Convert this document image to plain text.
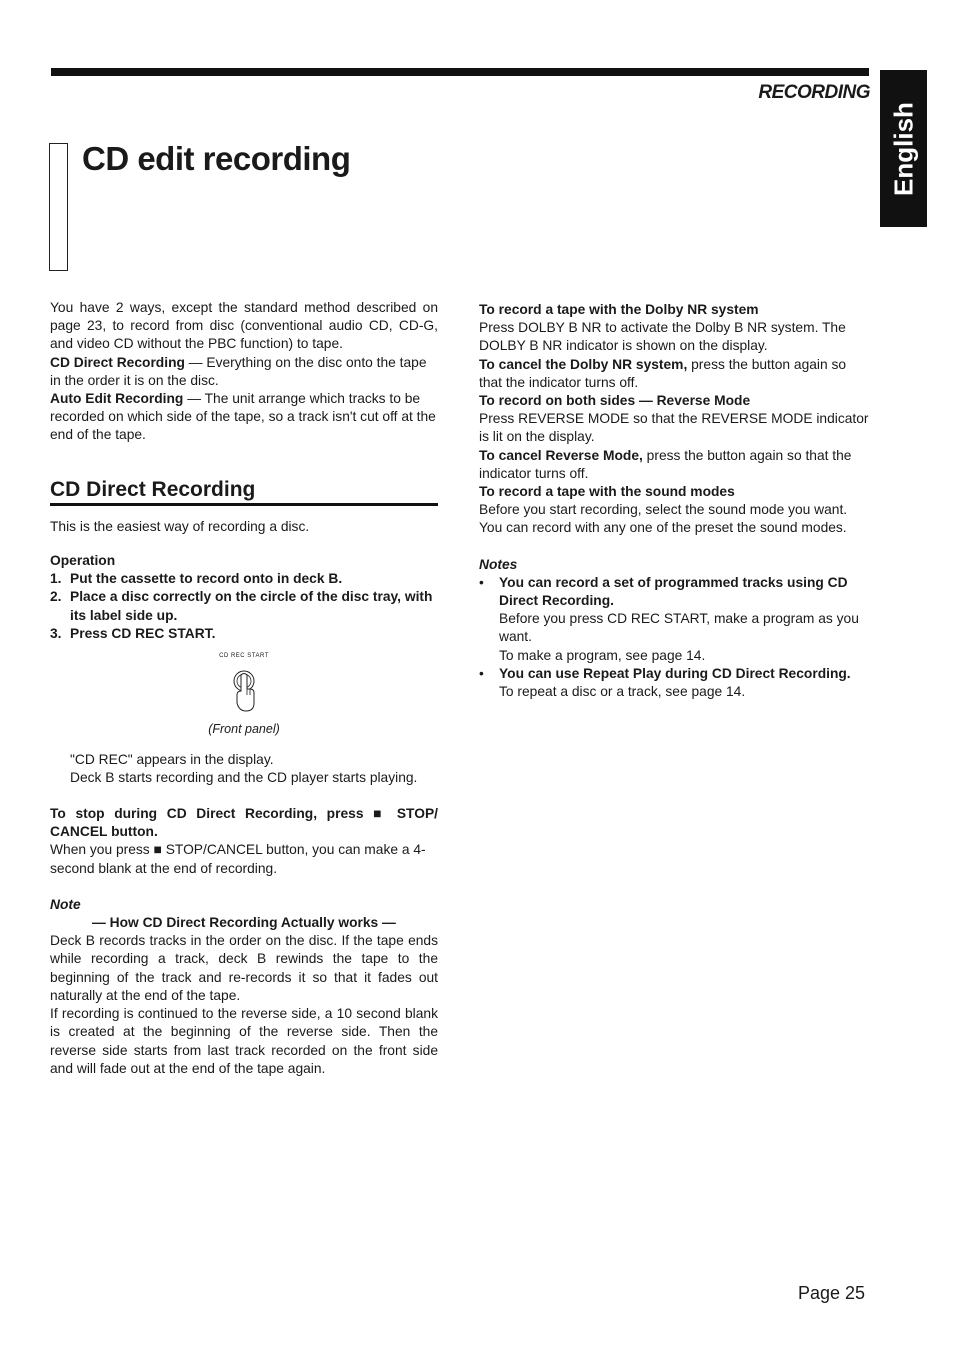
RECORDING
English
CD edit recording

You have 2 ways, except the standard method described on page 23, to record from disc (conventional audio CD, CD-G, and video CD without the PBC function) to tape.

CD Direct Recording — Everything on the disc onto the tape in the order it is on the disc.

Auto Edit Recording — The unit arrange which tracks to be recorded on which side of the tape, so a track isn't cut off at the end of the tape.

CD Direct Recording

This is the easiest way of recording a disc.

Operation

1. Put the cassette to record onto in deck B.
2. Place a disc correctly on the circle of the disc tray, with its label side up.
3. Press CD REC START.
CD REC START
(Front panel)

"CD REC" appears in the display.

Deck B starts recording and the CD player starts playing.

To stop during CD Direct Recording, press ■ STOP/ CANCEL button.

When you press ■ STOP/CANCEL button, you can make a 4-second blank at the end of recording.

Note

— How CD Direct Recording Actually works —

Deck B records tracks in the order on the disc. If the tape ends while recording a track, deck B rewinds the tape to the beginning of the track and re-records it so that it fades out naturally at the end of the tape.

If recording is continued to the reverse side, a 10 second blank is created at the beginning of the reverse side. Then the reverse side starts from last track recorded on the front side and will fade out at the end of the tape again.

To record a tape with the Dolby NR system

Press DOLBY B NR to activate the Dolby B NR system. The DOLBY B NR indicator is shown on the display.

To cancel the Dolby NR system, press the button again so that the indicator turns off.

To record on both sides — Reverse Mode

Press REVERSE MODE so that the REVERSE MODE indicator is lit on the display.

To cancel Reverse Mode, press the button again so that the indicator turns off.

To record a tape with the sound modes

Before you start recording, select the sound mode you want. You can record with any one of the preset the sound modes.

Notes

• You can record a set of programmed tracks using CD Direct Recording.

Before you press CD REC START, make a program as you want.

To make a program, see page 14.

• You can use Repeat Play during CD Direct Recording.

To repeat a disc or a track, see page 14.

Page 25
